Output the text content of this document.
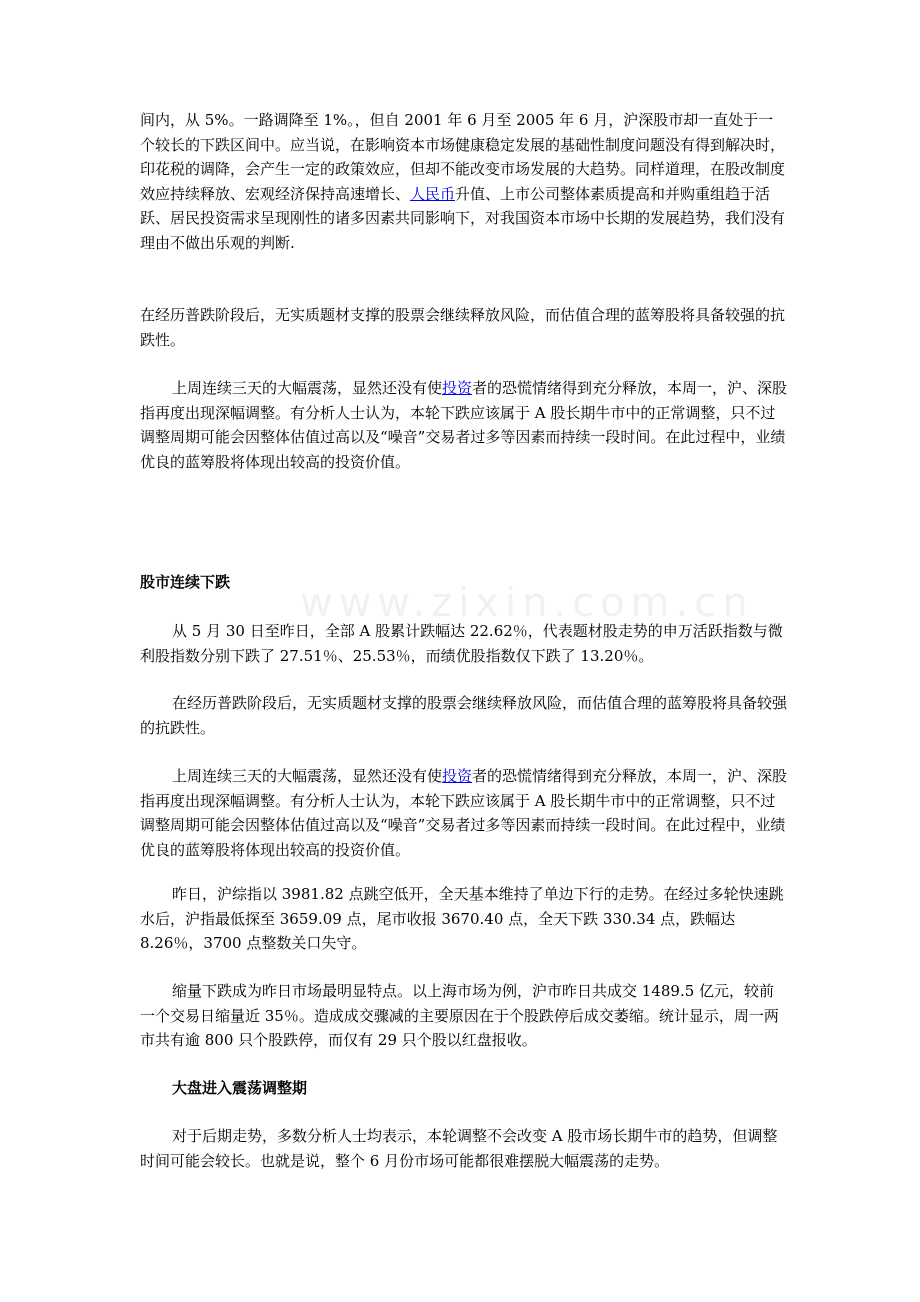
www.zixin.com.cn

间内，从 5%。一路调降至 1%。，但自 2001 年 6 月至 2005 年 6 月，沪深股市却一直处于一个较长的下跌区间中。应当说，在影响资本市场健康稳定发展的基础性制度问题没有得到解决时，印花税的调降，会产生一定的政策效应，但却不能改变市场发展的大趋势。同样道理，在股改制度效应持续释放、宏观经济保持高速增长、人民币升值、上市公司整体素质提高和并购重组趋于活跃、居民投资需求呈现刚性的诸多因素共同影响下，对我国资本市场中长期的发展趋势，我们没有理由不做出乐观的判断.

在经历普跌阶段后，无实质题材支撑的股票会继续释放风险，而估值合理的蓝筹股将具备较强的抗跌性。

上周连续三天的大幅震荡，显然还没有使投资者的恐慌情绪得到充分释放，本周一，沪、深股指再度出现深幅调整。有分析人士认为，本轮下跌应该属于 A 股长期牛市中的正常调整，只不过调整周期可能会因整体估值过高以及“噪音”交易者过多等因素而持续一段时间。在此过程中，业绩优良的蓝筹股将体现出较高的投资价值。

股市连续下跌

从 5 月 30 日至昨日，全部 A 股累计跌幅达 22.62％，代表题材股走势的申万活跃指数与微利股指数分别下跌了 27.51％、25.53％，而绩优股指数仅下跌了 13.20％。

在经历普跌阶段后，无实质题材支撑的股票会继续释放风险，而估值合理的蓝筹股将具备较强的抗跌性。

上周连续三天的大幅震荡，显然还没有使投资者的恐慌情绪得到充分释放，本周一，沪、深股指再度出现深幅调整。有分析人士认为，本轮下跌应该属于 A 股长期牛市中的正常调整，只不过调整周期可能会因整体估值过高以及“噪音”交易者过多等因素而持续一段时间。在此过程中，业绩优良的蓝筹股将体现出较高的投资价值。

昨日，沪综指以 3981.82 点跳空低开，全天基本维持了单边下行的走势。在经过多轮快速跳水后，沪指最低探至 3659.09 点，尾市收报 3670.40 点，全天下跌 330.34 点，跌幅达 8.26％，3700 点整数关口失守。

缩量下跌成为昨日市场最明显特点。以上海市场为例，沪市昨日共成交 1489.5 亿元，较前一个交易日缩量近 35％。造成成交骤减的主要原因在于个股跌停后成交萎缩。统计显示，周一两市共有逾 800 只个股跌停，而仅有 29 只个股以红盘报收。

大盘进入震荡调整期

对于后期走势，多数分析人士均表示，本轮调整不会改变 A 股市场长期牛市的趋势，但调整时间可能会较长。也就是说，整个 6 月份市场可能都很难摆脱大幅震荡的走势。
